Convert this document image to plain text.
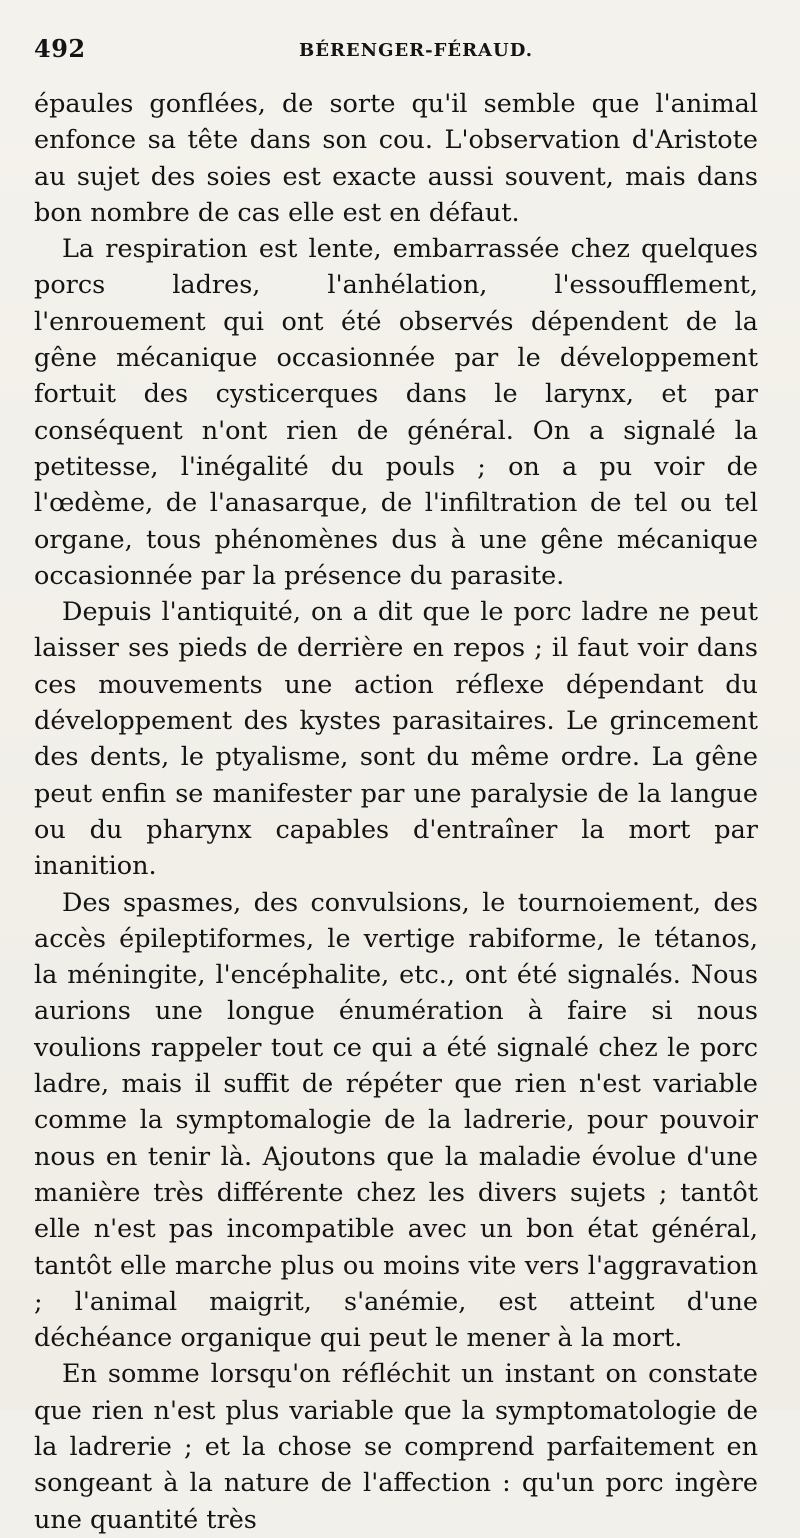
492	BÉRENGER-FÉRAUD.

épaules gonflées, de sorte qu'il semble que l'animal enfonce sa tête dans son cou. L'observation d'Aristote au sujet des soies est exacte aussi souvent, mais dans bon nombre de cas elle est en défaut.

La respiration est lente, embarrassée chez quelques porcs ladres, l'anhélation, l'essoufflement, l'enrouement qui ont été observés dépendent de la gêne mécanique occasionnée par le développement fortuit des cysticerques dans le larynx, et par conséquent n'ont rien de général. On a signalé la petitesse, l'inégalité du pouls ; on a pu voir de l'œdème, de l'anasarque, de l'infiltration de tel ou tel organe, tous phénomènes dus à une gêne mécanique occasionnée par la présence du parasite.

Depuis l'antiquité, on a dit que le porc ladre ne peut laisser ses pieds de derrière en repos ; il faut voir dans ces mouvements une action réflexe dépendant du développement des kystes parasitaires. Le grincement des dents, le ptyalisme, sont du même ordre. La gêne peut enfin se manifester par une paralysie de la langue ou du pharynx capables d'entraîner la mort par inanition.

Des spasmes, des convulsions, le tournoiement, des accès épileptiformes, le vertige rabiforme, le tétanos, la méningite, l'encéphalite, etc., ont été signalés. Nous aurions une longue énumération à faire si nous voulions rappeler tout ce qui a été signalé chez le porc ladre, mais il suffit de répéter que rien n'est variable comme la symptomalogie de la ladrerie, pour pouvoir nous en tenir là. Ajoutons que la maladie évolue d'une manière très différente chez les divers sujets ; tantôt elle n'est pas incompatible avec un bon état général, tantôt elle marche plus ou moins vite vers l'aggravation ; l'animal maigrit, s'anémie, est atteint d'une déchéance organique qui peut le mener à la mort.

En somme lorsqu'on réfléchit un instant on constate que rien n'est plus variable que la symptomatologie de la ladrerie ; et la chose se comprend parfaitement en songeant à la nature de l'affection : qu'un porc ingère une quantité très
